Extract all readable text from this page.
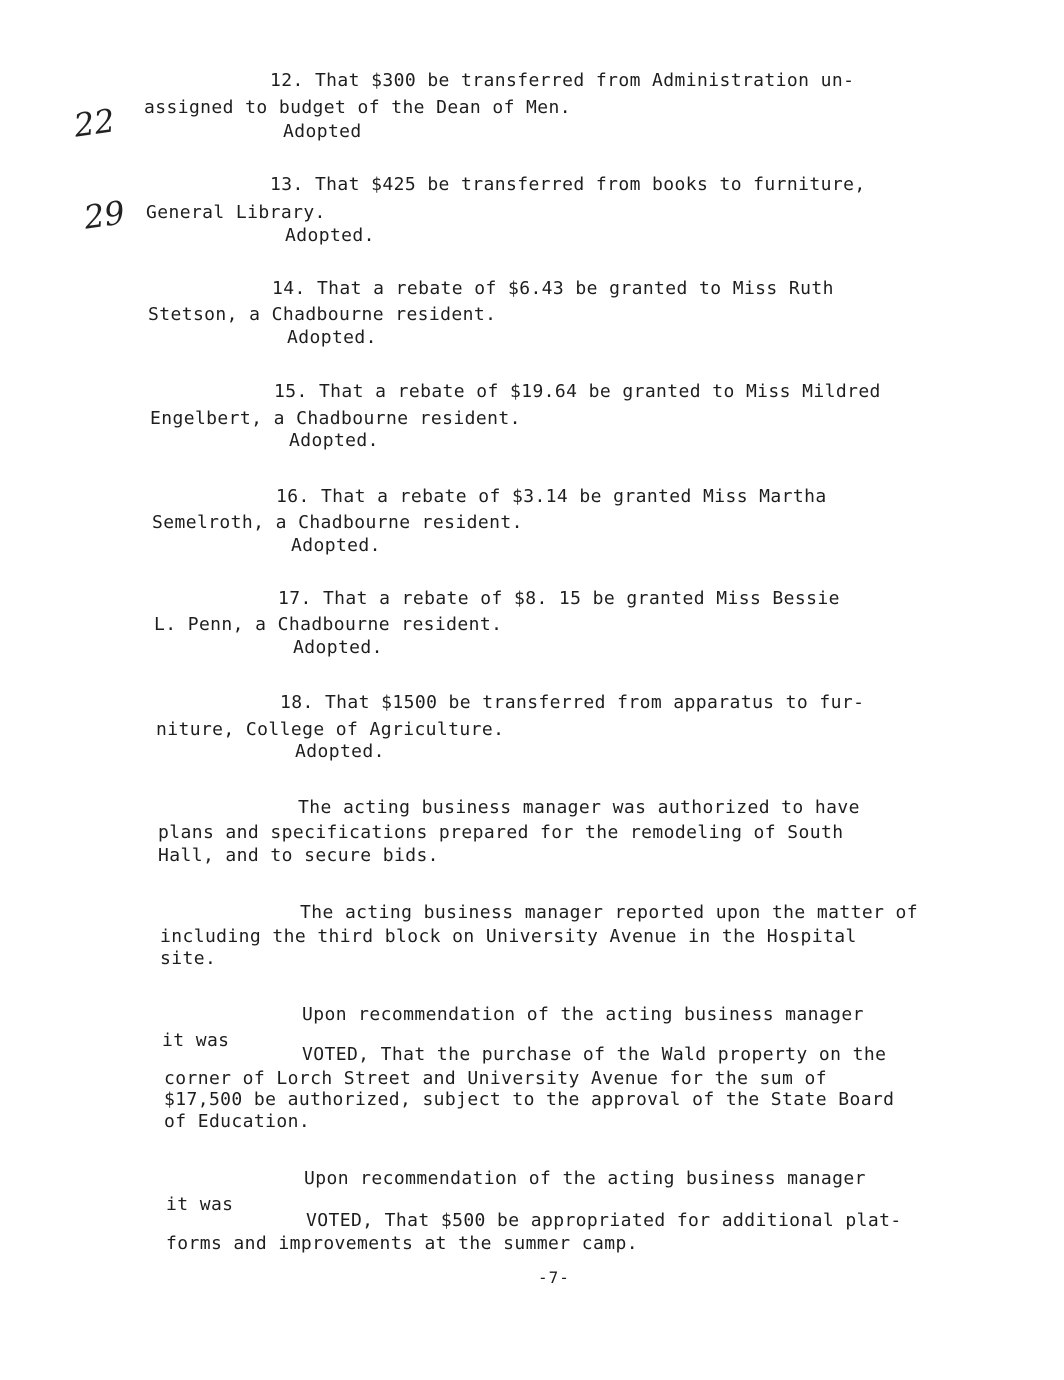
22
29
12. That $300 be transferred from Administration un-
assigned to budget of the Dean of Men.
Adopted
13. That $425 be transferred from books to furniture,
General Library.
Adopted.
14. That a rebate of $6.43 be granted to Miss Ruth
Stetson, a Chadbourne resident.
Adopted.
15. That a rebate of $19.64 be granted to Miss Mildred
Engelbert, a Chadbourne resident.
Adopted.
16. That a rebate of $3.14 be granted Miss Martha
Semelroth, a Chadbourne resident.
Adopted.
17. That a rebate of $8. 15 be granted Miss Bessie
L. Penn, a Chadbourne resident.
Adopted.
18. That $1500 be transferred from apparatus to fur-
niture, College of Agriculture.
Adopted.
The acting business manager was authorized to have
plans and specifications prepared for the remodeling of South
Hall, and to secure bids.
The acting business manager reported upon the matter of
including the third block on University Avenue in the Hospital
site.
Upon recommendation of the acting business manager
it was
VOTED, That the purchase of the Wald property on the
corner of Lorch Street and University Avenue for the sum of
$17,500 be authorized, subject to the approval of the State Board
of Education.
Upon recommendation of the acting business manager
it was
VOTED, That $500 be appropriated for additional plat-
forms and improvements at the summer camp.
-7-
